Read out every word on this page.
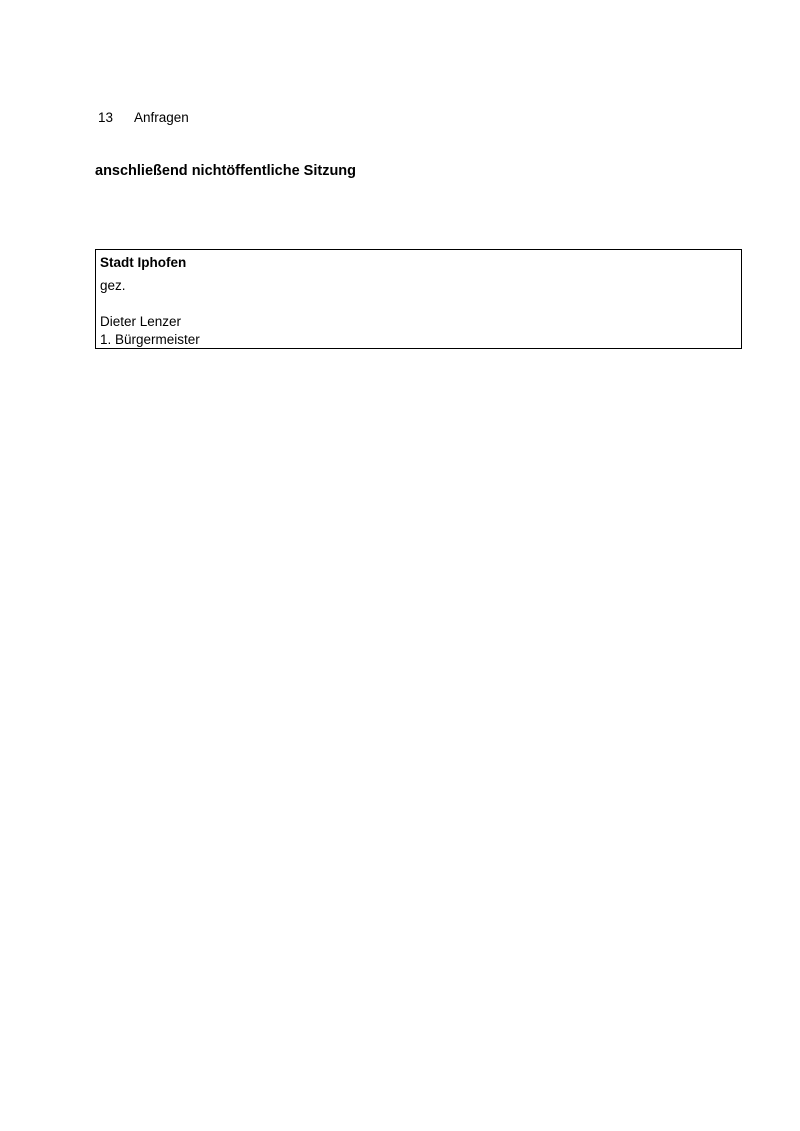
13 Anfragen
anschließend nichtöffentliche Sitzung
Stadt Iphofen
gez.
Dieter Lenzer
1. Bürgermeister
